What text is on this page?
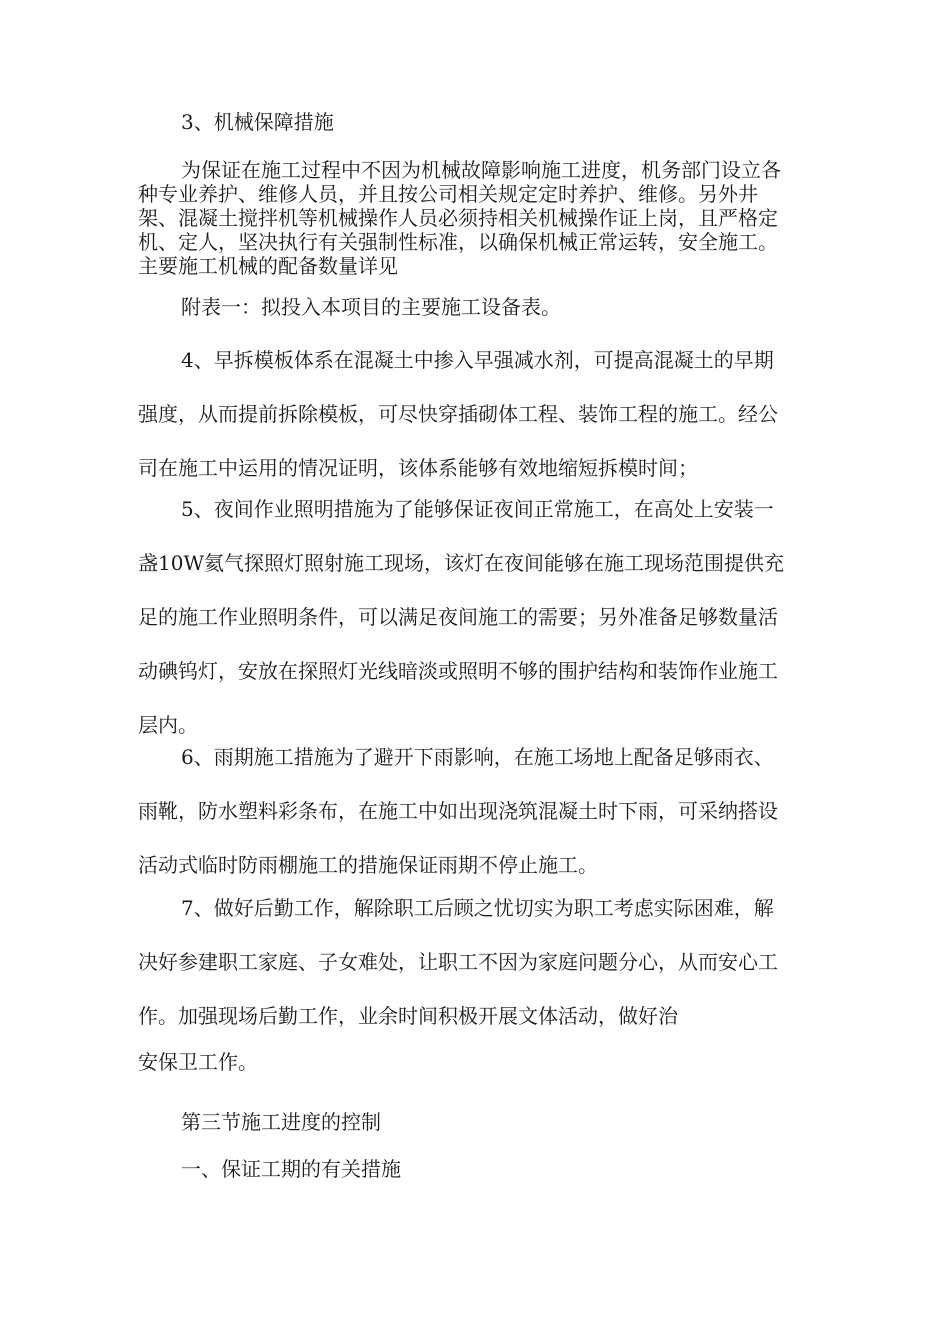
3、机械保障措施
为保证在施工过程中不因为机械故障影响施工进度，机务部门设立各
种专业养护、维修人员，并且按公司相关规定定时养护、维修。另外井
架、混凝土搅拌机等机械操作人员必须持相关机械操作证上岗，且严格定
机、定人，坚决执行有关强制性标准，以确保机械正常运转，安全施工。
主要施工机械的配备数量详见
附表一：拟投入本项目的主要施工设备表。
4、早拆模板体系在混凝土中掺入早强减水剂，可提高混凝土的早期
强度，从而提前拆除模板，可尽快穿插砌体工程、装饰工程的施工。经公
司在施工中运用的情况证明，该体系能够有效地缩短拆模时间；
5、夜间作业照明措施为了能够保证夜间正常施工，在高处上安装一
盏10W氦气探照灯照射施工现场，该灯在夜间能够在施工现场范围提供充
足的施工作业照明条件，可以满足夜间施工的需要；另外准备足够数量活
动碘钨灯，安放在探照灯光线暗淡或照明不够的围护结构和装饰作业施工
层内。
6、雨期施工措施为了避开下雨影响，在施工场地上配备足够雨衣、
雨靴，防水塑料彩条布，在施工中如出现浇筑混凝土时下雨，可采纳搭设
活动式临时防雨棚施工的措施保证雨期不停止施工。
7、做好后勤工作，解除职工后顾之忧切实为职工考虑实际困难，解
决好参建职工家庭、子女难处，让职工不因为家庭问题分心，从而安心工
作。加强现场后勤工作，业余时间积极开展文体活动，做好治
安保卫工作。
第三节施工进度的控制
一、保证工期的有关措施
